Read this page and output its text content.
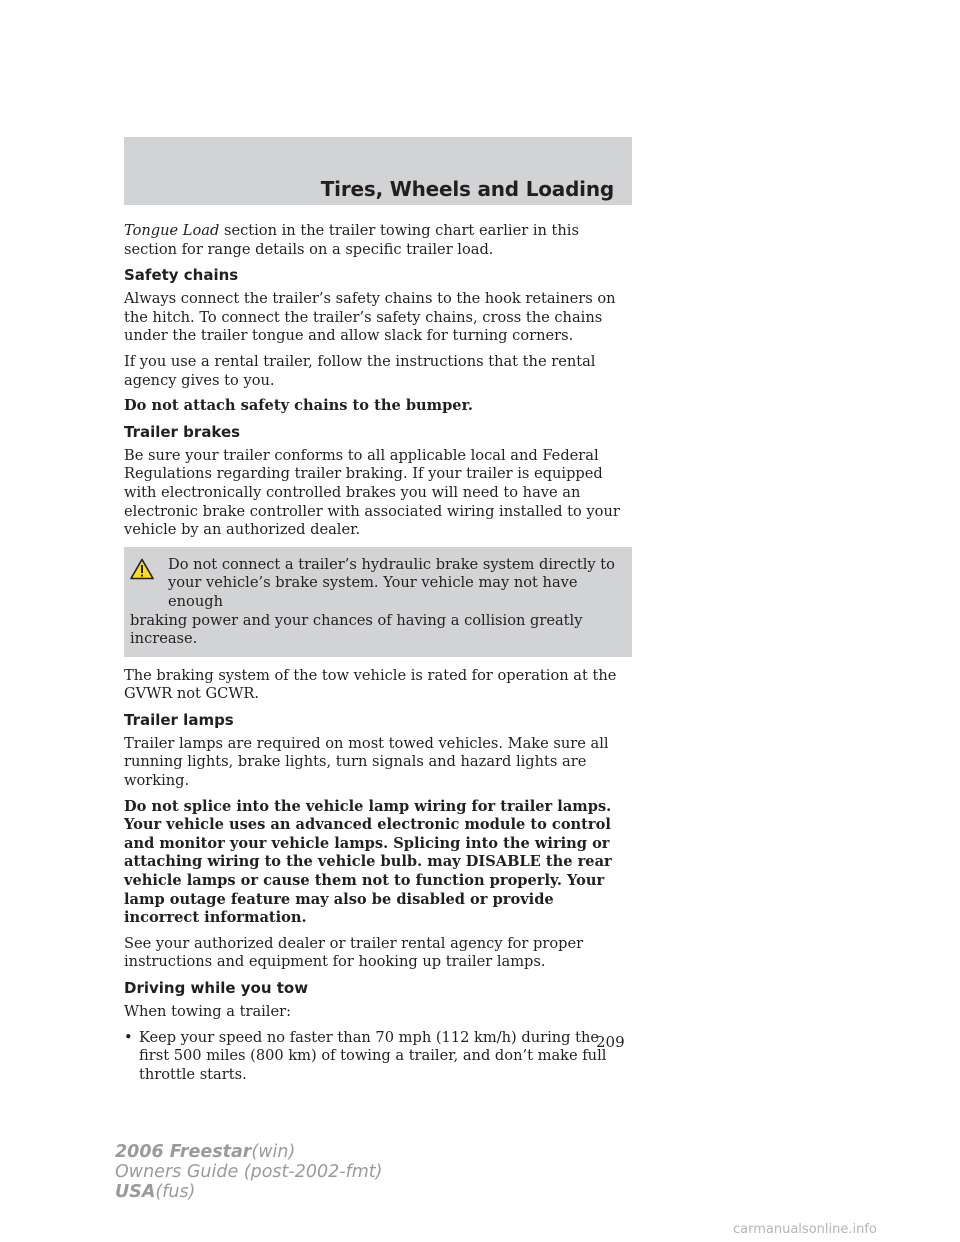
Tires, Wheels and Loading

Tongue Load section in the trailer towing chart earlier in this section for range details on a specific trailer load.

Safety chains

Always connect the trailer’s safety chains to the hook retainers on the hitch. To connect the trailer’s safety chains, cross the chains under the trailer tongue and allow slack for turning corners.

If you use a rental trailer, follow the instructions that the rental agency gives to you.

Do not attach safety chains to the bumper.

Trailer brakes

Be sure your trailer conforms to all applicable local and Federal Regulations regarding trailer braking. If your trailer is equipped with electronically controlled brakes you will need to have an electronic brake controller with associated wiring installed to your vehicle by an authorized dealer.

Do not connect a trailer’s hydraulic brake system directly to your vehicle’s brake system. Your vehicle may not have enough
braking power and your chances of having a collision greatly increase.

The braking system of the tow vehicle is rated for operation at the GVWR not GCWR.

Trailer lamps

Trailer lamps are required on most towed vehicles. Make sure all running lights, brake lights, turn signals and hazard lights are working.

Do not splice into the vehicle lamp wiring for trailer lamps. Your vehicle uses an advanced electronic module to control and monitor your vehicle lamps. Splicing into the wiring or attaching wiring to the vehicle bulb. may DISABLE the rear vehicle lamps or cause them not to function properly. Your lamp outage feature may also be disabled or provide incorrect information.

See your authorized dealer or trailer rental agency for proper instructions and equipment for hooking up trailer lamps.

Driving while you tow

When towing a trailer:

• Keep your speed no faster than 70 mph (112 km/h) during the first 500 miles (800 km) of towing a trailer, and don’t make full throttle starts.
209
2006 Freestar(win)
Owners Guide (post-2002-fmt)
USA(fus)
carmanualsonline.info
